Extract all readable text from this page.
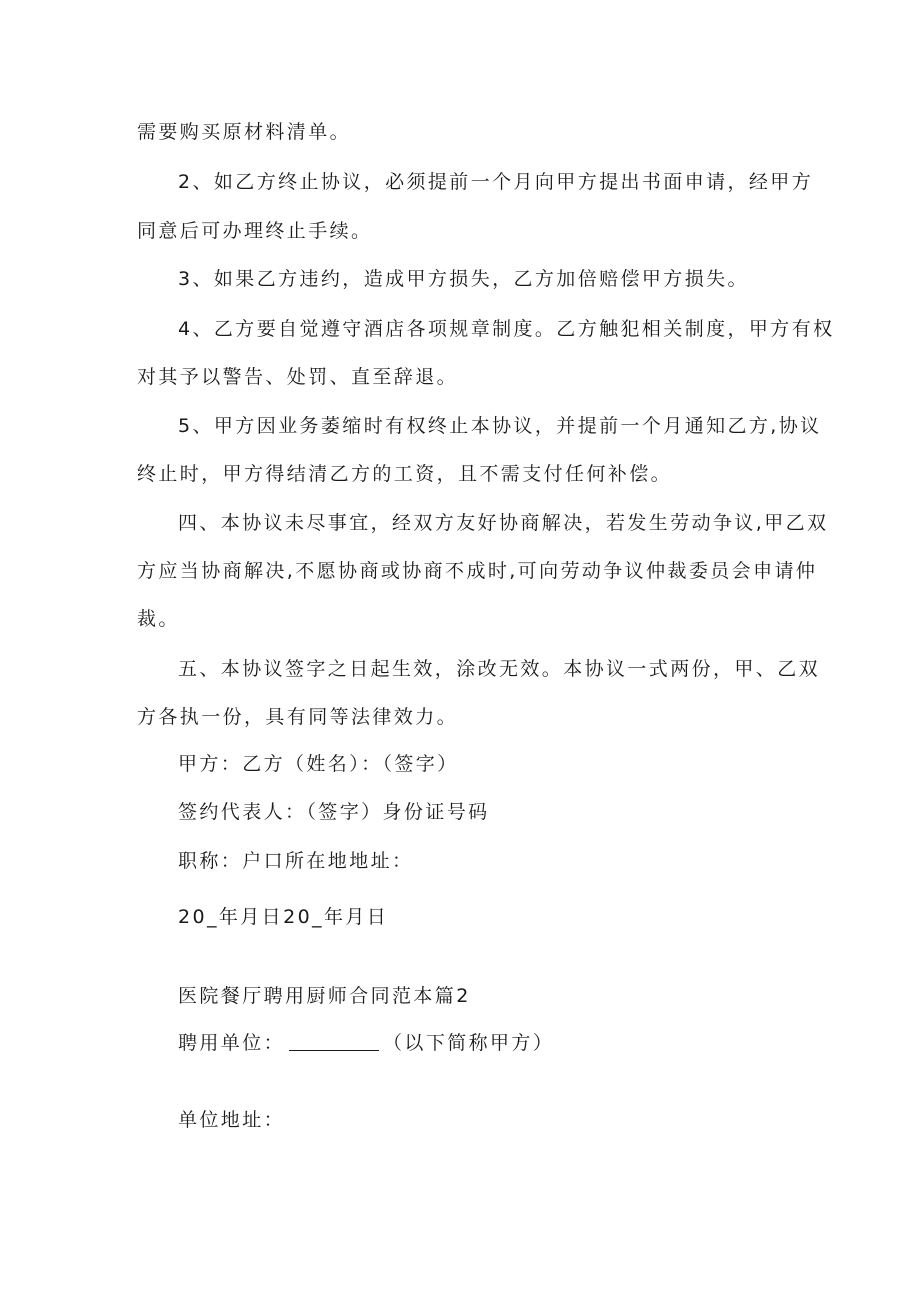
需要购买原材料清单。
2、如乙方终止协议，必须提前一个月向甲方提出书面申请，经甲方
同意后可办理终止手续。
3、如果乙方违约，造成甲方损失，乙方加倍赔偿甲方损失。
4、乙方要自觉遵守酒店各项规章制度。乙方触犯相关制度，甲方有权
对其予以警告、处罚、直至辞退。
5、甲方因业务萎缩时有权终止本协议，并提前一个月通知乙方,协议
终止时，甲方得结清乙方的工资，且不需支付任何补偿。
四、本协议未尽事宜，经双方友好协商解决，若发生劳动争议,甲乙双
方应当协商解决,不愿协商或协商不成时,可向劳动争议仲裁委员会申请仲
裁。
五、本协议签字之日起生效，涂改无效。本协议一式两份，甲、乙双
方各执一份，具有同等法律效力。
甲方：乙方（姓名）：（签字）
签约代表人：（签字）身份证号码
职称：户口所在地地址：
20_年月日20_年月日
医院餐厅聘用厨师合同范本篇2
聘用单位：	（以下简称甲方）
单位地址：
